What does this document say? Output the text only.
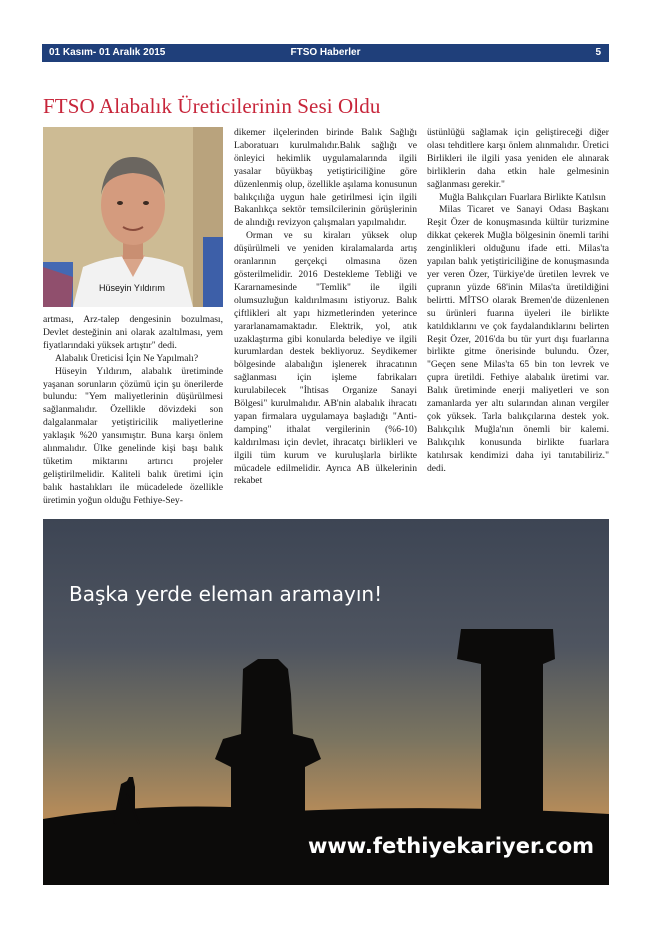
01 Kasım- 01 Aralık 2015	FTSO Haberler	5
FTSO Alabalık Üreticilerinin Sesi Oldu
Hüseyin Yıldırım

artması, Arz-talep dengesinin bozulması, Devlet desteğinin ani olarak azaltılması, yem fiyatlarındaki yüksek artıştır" dedi.

Alabalık Üreticisi İçin Ne Yapılmalı?

Hüseyin Yıldırım, alabalık üretiminde yaşanan sorunların çözümü için şu önerilerde bulundu: "Yem maliyetlerinin düşürülmesi sağlanmalıdır. Özellikle dövizdeki son dalgalanmalar yetiştiricilik maliyetlerine yaklaşık %20 yansımıştır. Buna karşı önlem alınmalıdır. Ülke genelinde kişi başı balık tüketim miktarını artırıcı projeler geliştirilmelidir. Kaliteli balık üretimi için balık hastalıkları ile mücadelede özellikle üretimin yoğun olduğu Fethiye-Sey-

dikemer ilçelerinden birinde Balık Sağlığı Laboratuarı kurulmalıdır.Balık sağlığı ve önleyici hekimlik uygulamalarında ilgili yasalar büyükbaş yetiştiriciliğine göre düzenlenmiş olup, özellikle aşılama konusunun balıkçılığa uygun hale getirilmesi için ilgili Bakanlıkça sektör temsilcilerinin görüşlerinin de alındığı revizyon çalışmaları yapılmalıdır.

Orman ve su kiraları yüksek olup düşürülmeli ve yeniden kiralamalarda artış oranlarının gerçekçi olmasına özen gösterilmelidir. 2016 Destekleme Tebliği ve Kararnamesinde "Temlik" ile ilgili olumsuzluğun kaldırılmasını istiyoruz. Balık çiftlikleri alt yapı hizmetlerinden yeterince yararlanamamaktadır. Elektrik, yol, atık uzaklaştırma gibi konularda belediye ve ilgili kurumlardan destek bekliyoruz. Seydikemer bölgesinde alabalığın işlenerek ihracatının sağlanması için işleme fabrikaları kurulabilecek "İhtisas Organize Sanayi Bölgesi" kurulmalıdır. AB'nin alabalık ihracatı yapan firmalara uygulamaya başladığı "Anti-damping" ithalat vergilerinin (%6-10) kaldırılması için devlet, ihracatçı birlikleri ve ilgili tüm kurum ve kuruluşlarla birlikte mücadele edilmelidir. Ayrıca AB ülkelerinin rekabet

üstünlüğü sağlamak için geliştireceği diğer olası tehditlere karşı önlem alınmalıdır. Üretici Birlikleri ile ilgili yasa yeniden ele alınarak birliklerin daha etkin hale gelmesinin sağlanması gerekir."

Muğla Balıkçıları Fuarlara Birlikte Katılsın

Milas Ticaret ve Sanayi Odası Başkanı Reşit Özer de konuşmasında kültür turizmine dikkat çekerek Muğla bölgesinin önemli tarihi zenginlikleri olduğunu ifade etti. Milas'ta yapılan balık yetiştiriciliğine de konuşmasında yer veren Özer, Türkiye'de üretilen levrek ve çupranın yüzde 68'inin Milas'ta üretildiğini belirtti. MİTSO olarak Bremen'de düzenlenen su ürünleri fuarına üyeleri ile birlikte katıldıklarını ve çok faydalandıklarını belirten Reşit Özer, 2016'da bu tür yurt dışı fuarlarına birlikte gitme önerisinde bulundu. Özer, "Geçen sene Milas'ta 65 bin ton levrek ve çupra üretildi. Fethiye alabalık üretimi var. Balık üretiminde enerji maliyetleri ve son zamanlarda yer altı sularından alınan vergiler çok yüksek. Tarla balıkçılarına destek yok. Balıkçılık Muğla'nın önemli bir kalemi. Balıkçılık konusunda birlikte fuarlara katılırsak kendimizi daha iyi tanıtabiliriz." dedi.

Başka yerde eleman aramayın!
www.fethiyekariyer.com
